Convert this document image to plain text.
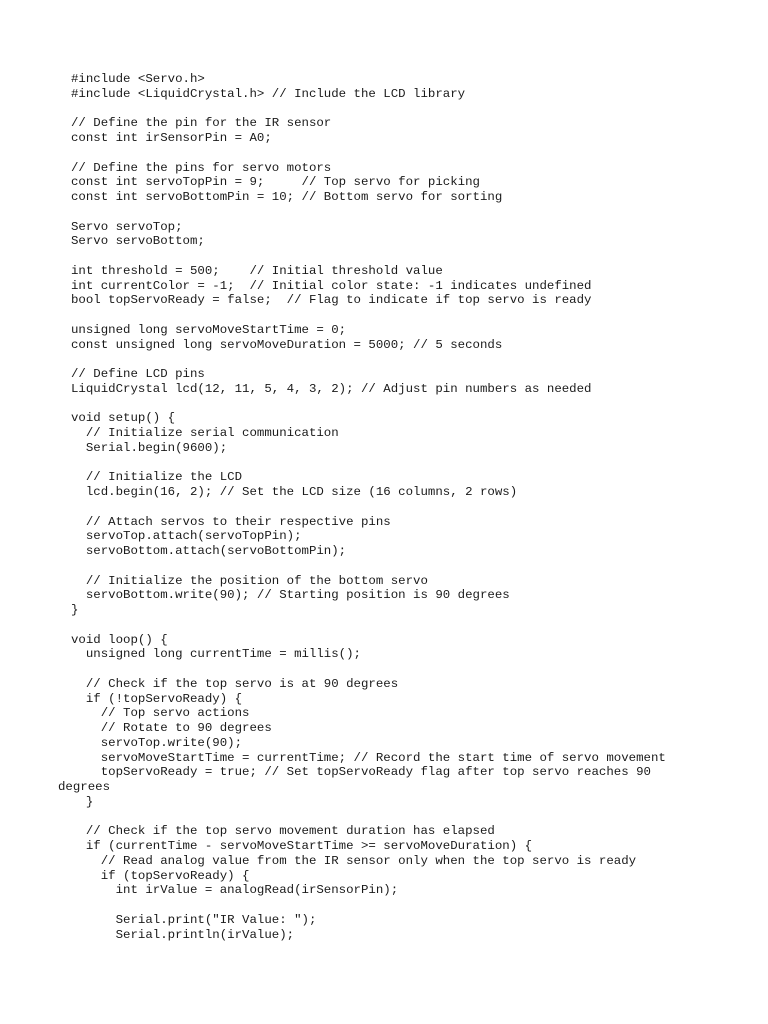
#include <Servo.h>
#include <LiquidCrystal.h> // Include the LCD library

// Define the pin for the IR sensor
const int irSensorPin = A0;

// Define the pins for servo motors
const int servoTopPin = 9;     // Top servo for picking
const int servoBottomPin = 10; // Bottom servo for sorting

Servo servoTop;
Servo servoBottom;

int threshold = 500;    // Initial threshold value
int currentColor = -1;  // Initial color state: -1 indicates undefined
bool topServoReady = false;  // Flag to indicate if top servo is ready

unsigned long servoMoveStartTime = 0;
const unsigned long servoMoveDuration = 5000; // 5 seconds

// Define LCD pins
LiquidCrystal lcd(12, 11, 5, 4, 3, 2); // Adjust pin numbers as needed

void setup() {
// Initialize serial communication
Serial.begin(9600);

// Initialize the LCD
lcd.begin(16, 2); // Set the LCD size (16 columns, 2 rows)

// Attach servos to their respective pins
servoTop.attach(servoTopPin);
servoBottom.attach(servoBottomPin);

// Initialize the position of the bottom servo
servoBottom.write(90); // Starting position is 90 degrees
}

void loop() {
unsigned long currentTime = millis();

// Check if the top servo is at 90 degrees
if (!topServoReady) {
// Top servo actions
// Rotate to 90 degrees
servoTop.write(90);
servoMoveStartTime = currentTime; // Record the start time of servo movement
topServoReady = true; // Set topServoReady flag after top servo reaches 90
degrees
}

// Check if the top servo movement duration has elapsed
if (currentTime - servoMoveStartTime >= servoMoveDuration) {
// Read analog value from the IR sensor only when the top servo is ready
if (topServoReady) {
int irValue = analogRead(irSensorPin);

Serial.print("IR Value: ");
Serial.println(irValue);
